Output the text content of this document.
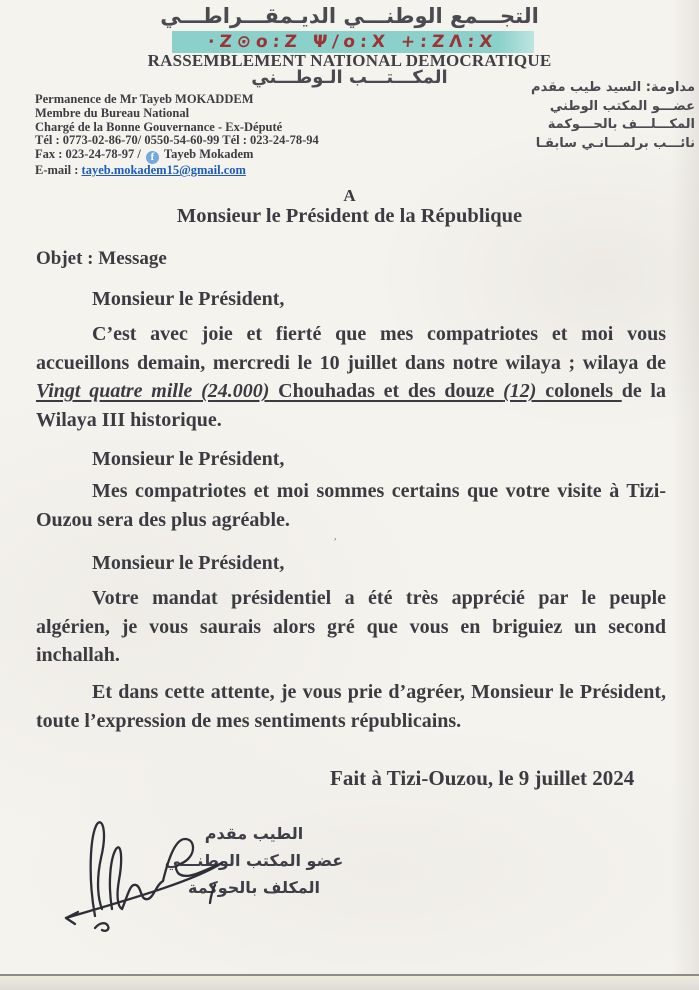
التجـــمع الوطنـــي الديـمقـــراطـــي
·Z⊙o:Z Ψ/o:X +:ZΛ:X
RASSEMBLEMENT NATIONAL DEMOCRATIQUE
المكـــتـــب الـوطـــني
Permanence de Mr Tayeb MOKADDEM
Membre du Bureau National
Chargé de la Bonne Gouvernance - Ex-Député
Tél : 0773-02-86-70/ 0550-54-60-99 Tél : 023-24-78-94
Fax : 023-24-78-97 / f Tayeb Mokadem
E-mail : tayeb.mokadem15@gmail.com
مداومة: السيد طيب مقدم
عضـــو المكتب الوطني
المكـــلـــف بالحـــوكمة
نائـــب برلمـــانـي سابقـا
A
Monsieur le Président de la République
Objet : Message
Monsieur le Président,

C’est avec joie et fierté que mes compatriotes et moi vous accueillons demain, mercredi le 10 juillet dans notre wilaya ; wilaya de Vingt quatre mille (24.000) Chouhadas et des douze (12) colonels de la Wilaya III historique.

Monsieur le Président,

Mes compatriotes et moi sommes certains que votre visite à Tizi-Ouzou sera des plus agréable.

Monsieur le Président,

Votre mandat présidentiel a été très apprécié par le peuple algérien, je vous saurais alors gré que vous en briguiez un second inchallah.

Et dans cette attente, je vous prie d’agréer, Monsieur le Président, toute l’expression de mes sentiments républicains.

Fait à Tizi-Ouzou, le 9 juillet 2024
الطيب مقدم
عضو المكتب الوطنـــي
المكلف بالحوكمة
’
